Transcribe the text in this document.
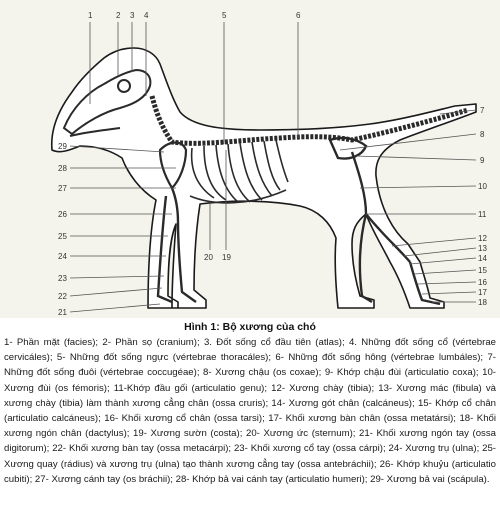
1	2 3 4	5	6
7
8
9
10
11
12
13
14
15
16
17
18
19
20
21
22
23
24
25
26
27
28
29
Hình 1: Bộ xương của chó

1- Phần mặt (facies); 2- Phần sọ (cranium); 3. Đốt sống cổ đầu tiên (atlas); 4. Những đốt sống cổ (vértebrae cervicáles); 5- Những đốt sống ngực (vértebrae thoracáles); 6- Những đốt sống hông (vértebrae lumbáles); 7- Những đốt sống đuôi (vértebrae coccugéae); 8- Xương chậu (os coxae); 9- Khớp chậu đùi (articulatio coxa); 10- Xương đùi (os fémoris); 11-Khớp đầu gối (articulatio genu); 12- Xương chày (tibia); 13- Xương mác (fibula) và xương chày (tibia) làm thành xương cẳng chân (ossa cruris); 14- Xương gót chân (calcáneus); 15- Khớp cổ chân (articulatio calcáneus); 16- Khối xương cổ chân (ossa tarsi); 17- Khối xương bàn chân (ossa metatársi); 18- Khối xương ngón chân (dactylus); 19- Xương sườn (costa); 20- Xương ức (sternum); 21- Khối xương ngón tay (ossa digitorum); 22- Khối xương bàn tay (ossa metacárpi); 23- Khối xương cổ tay (ossa cárpi); 24- Xương trụ (ulna); 25- Xương quay (rádius) và xương trụ (ulna) tạo thành xương cẳng tay (ossa antebráchii); 26- Khớp khuỷu (articulatio cubiti); 27- Xương cánh tay (os bráchii); 28- Khớp bả vai cánh tay (articulatio humeri); 29- Xương bả vai (scápula).
